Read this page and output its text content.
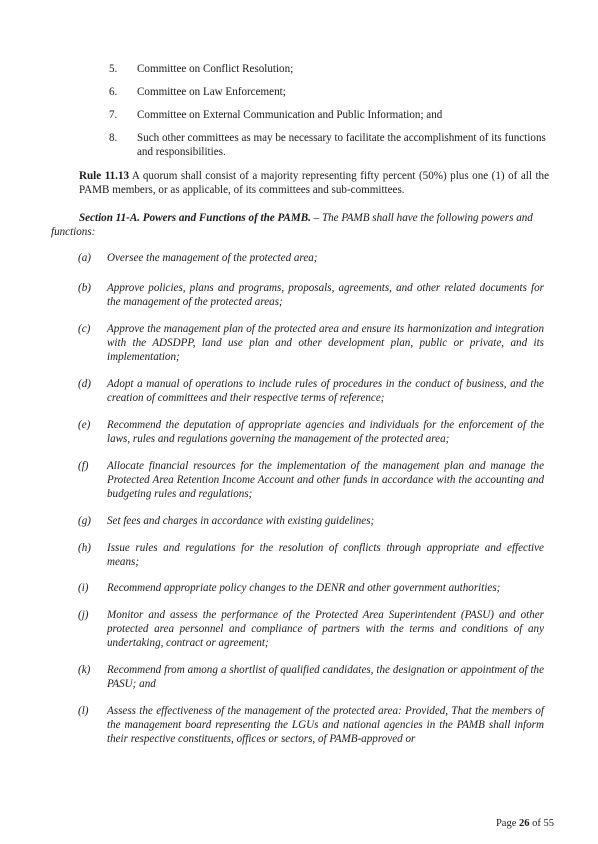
5.	Committee on Conflict Resolution;
6.	Committee on Law Enforcement;
7.	Committee on External Communication and Public Information; and
8.	Such other committees as may be necessary to facilitate the accomplishment of its functions and responsibilities.
Rule 11.13 A quorum shall consist of a majority representing fifty percent (50%) plus one (1) of all the PAMB members, or as applicable, of its committees and sub-committees.
Section 11-A. Powers and Functions of the PAMB. – The PAMB shall have the following powers and functions:
(a)	Oversee the management of the protected area;
(b)	Approve policies, plans and programs, proposals, agreements, and other related documents for the management of the protected areas;
(c)	Approve the management plan of the protected area and ensure its harmonization and integration with the ADSDPP, land use plan and other development plan, public or private, and its implementation;
(d)	Adopt a manual of operations to include rules of procedures in the conduct of business, and the creation of committees and their respective terms of reference;
(e)	Recommend the deputation of appropriate agencies and individuals for the enforcement of the laws, rules and regulations governing the management of the protected area;
(f)	Allocate financial resources for the implementation of the management plan and manage the Protected Area Retention Income Account and other funds in accordance with the accounting and budgeting rules and regulations;
(g)	Set fees and charges in accordance with existing guidelines;
(h)	Issue rules and regulations for the resolution of conflicts through appropriate and effective means;
(i)	Recommend appropriate policy changes to the DENR and other government authorities;
(j)	Monitor and assess the performance of the Protected Area Superintendent (PASU) and other protected area personnel and compliance of partners with the terms and conditions of any undertaking, contract or agreement;
(k)	Recommend from among a shortlist of qualified candidates, the designation or appointment of the PASU; and
(l)	Assess the effectiveness of the management of the protected area: Provided, That the members of the management board representing the LGUs and national agencies in the PAMB shall inform their respective constituents, offices or sectors, of PAMB-approved or
Page 26 of 55
